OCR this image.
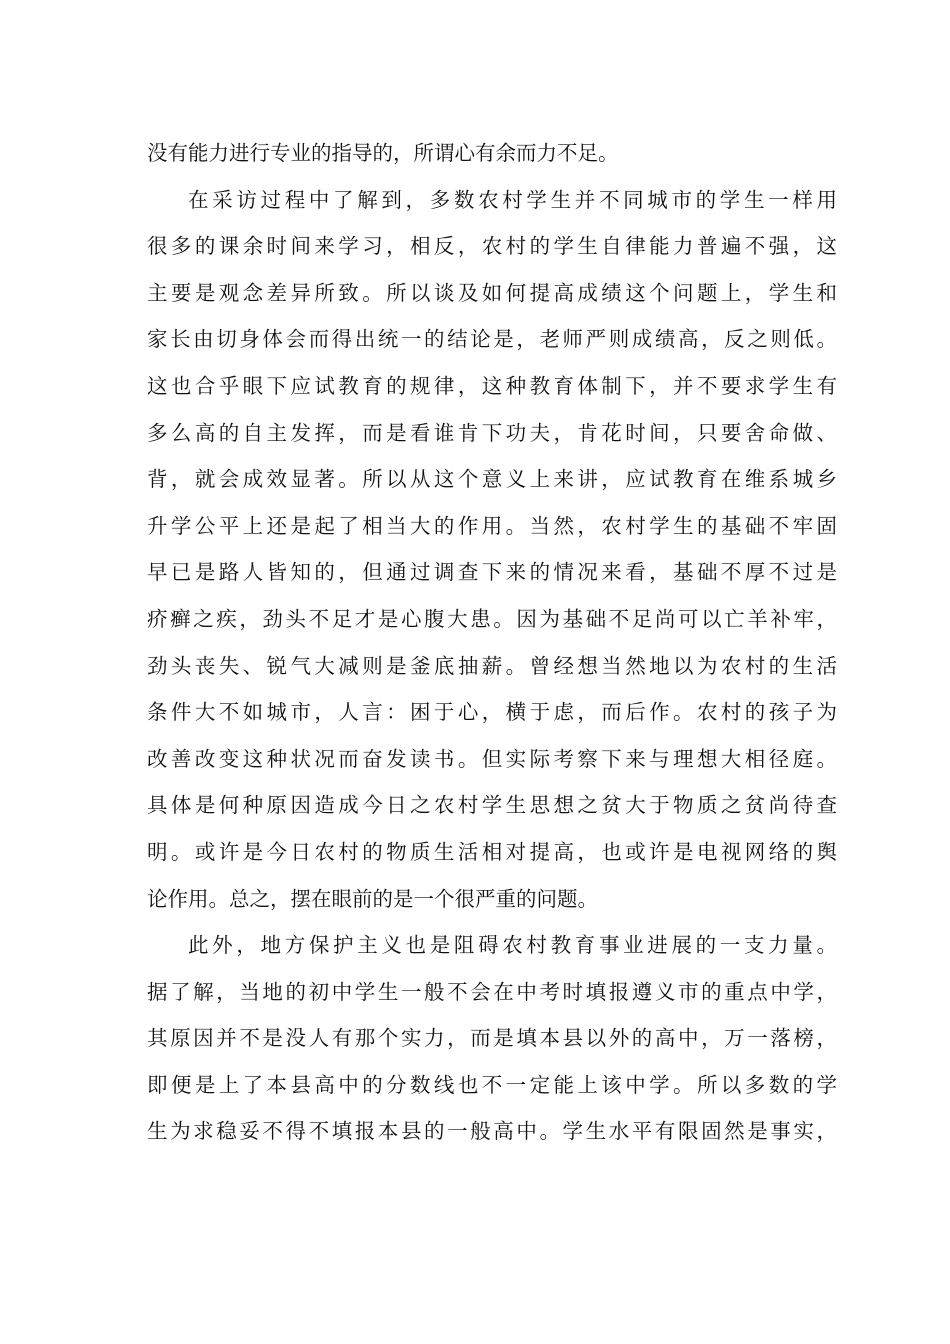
没有能力进行专业的指导的，所谓心有余而力不足。
在采访过程中了解到，多数农村学生并不同城市的学生一样用
很多的课余时间来学习，相反，农村的学生自律能力普遍不强，这
主要是观念差异所致。所以谈及如何提高成绩这个问题上，学生和
家长由切身体会而得出统一的结论是，老师严则成绩高，反之则低。
这也合乎眼下应试教育的规律，这种教育体制下，并不要求学生有
多么高的自主发挥，而是看谁肯下功夫，肯花时间，只要舍命做、
背，就会成效显著。所以从这个意义上来讲，应试教育在维系城乡
升学公平上还是起了相当大的作用。当然，农村学生的基础不牢固
早已是路人皆知的，但通过调查下来的情况来看，基础不厚不过是
疥癣之疾，劲头不足才是心腹大患。因为基础不足尚可以亡羊补牢，
劲头丧失、锐气大减则是釜底抽薪。曾经想当然地以为农村的生活
条件大不如城市，人言：困于心，横于虑，而后作。农村的孩子为
改善改变这种状况而奋发读书。但实际考察下来与理想大相径庭。
具体是何种原因造成今日之农村学生思想之贫大于物质之贫尚待查
明。或许是今日农村的物质生活相对提高，也或许是电视网络的舆
论作用。总之，摆在眼前的是一个很严重的问题。
此外，地方保护主义也是阻碍农村教育事业进展的一支力量。
据了解，当地的初中学生一般不会在中考时填报遵义市的重点中学，
其原因并不是没人有那个实力，而是填本县以外的高中，万一落榜，
即便是上了本县高中的分数线也不一定能上该中学。所以多数的学
生为求稳妥不得不填报本县的一般高中。学生水平有限固然是事实，
